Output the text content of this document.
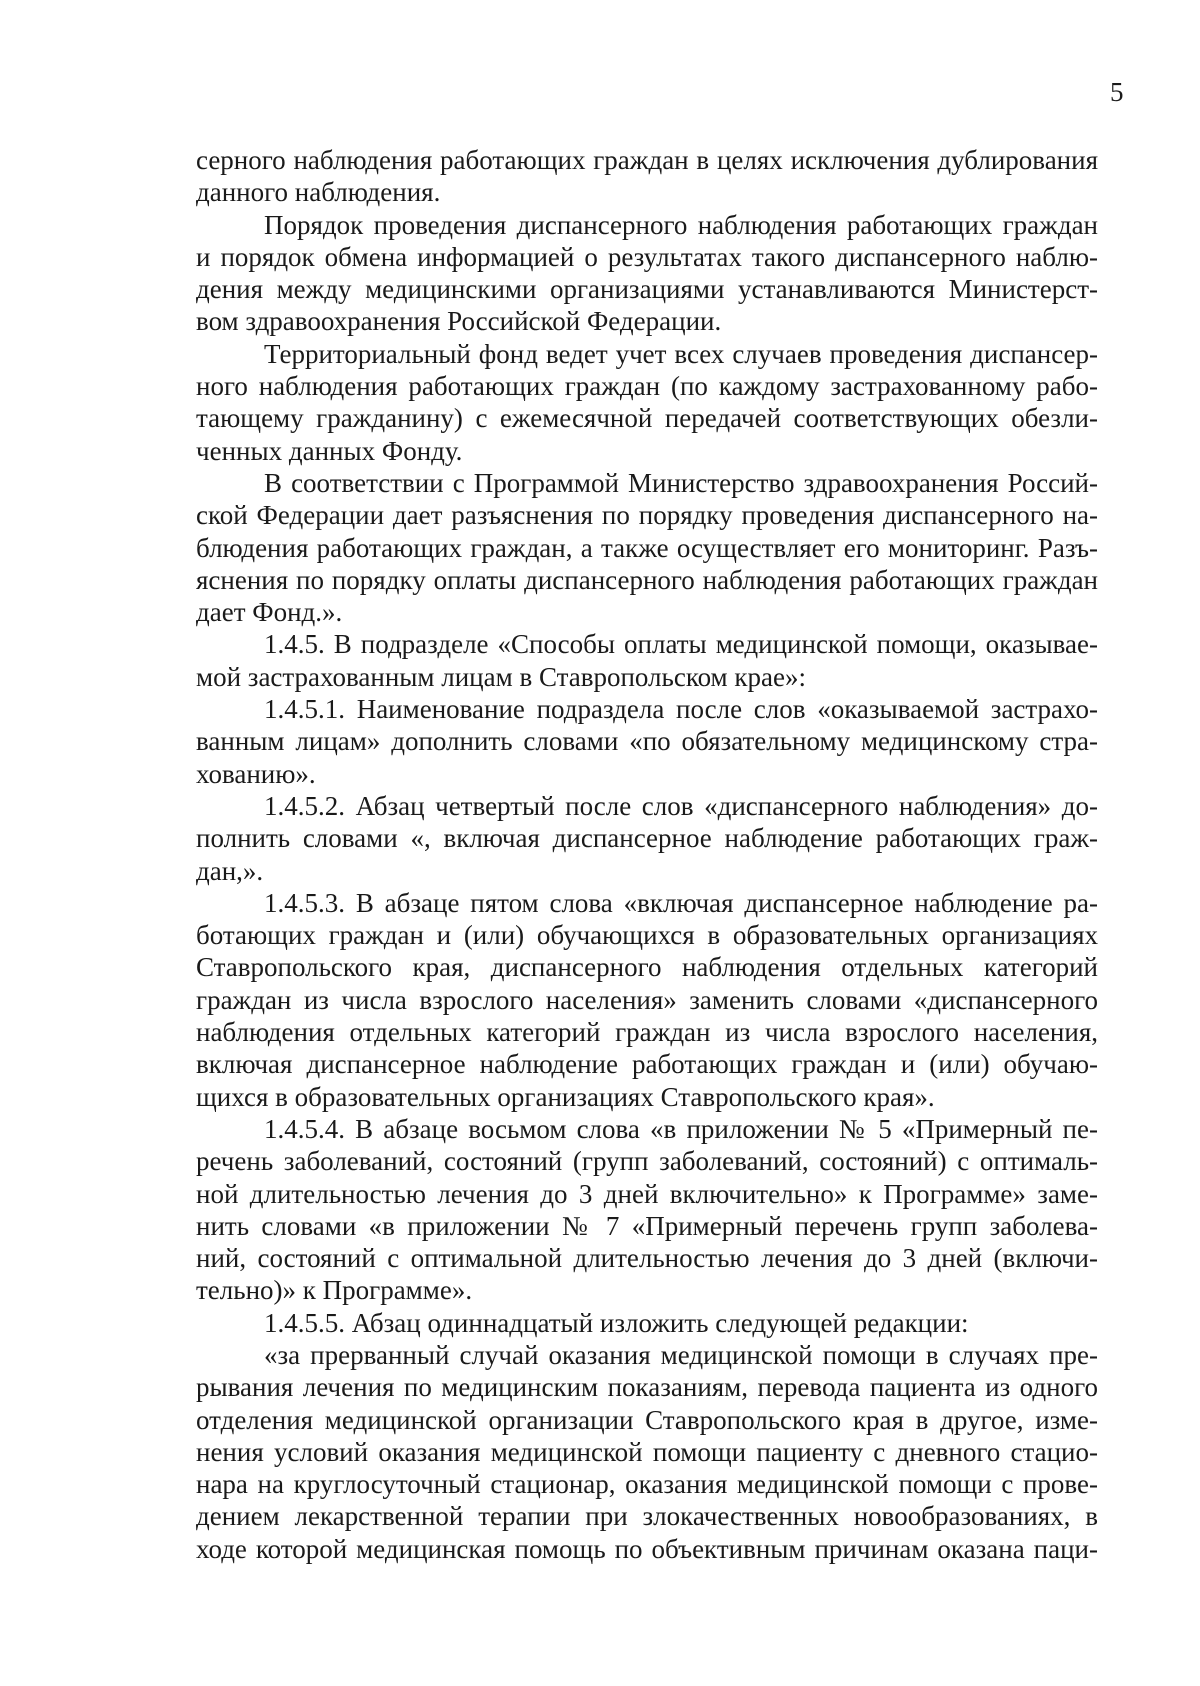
5
серного наблюдения работающих граждан в целях исключения дублирования
данного наблюдения.
Порядок проведения диспансерного наблюдения работающих граждан
и порядок обмена информацией о результатах такого диспансерного наблю-
дения между медицинскими организациями устанавливаются Министерст-
вом здравоохранения Российской Федерации.
Территориальный фонд ведет учет всех случаев проведения диспансер-
ного наблюдения работающих граждан (по каждому застрахованному рабо-
тающему гражданину) с ежемесячной передачей соответствующих обезли-
ченных данных Фонду.
В соответствии с Программой Министерство здравоохранения Россий-
ской Федерации дает разъяснения по порядку проведения диспансерного на-
блюдения работающих граждан, а также осуществляет его мониторинг. Разъ-
яснения по порядку оплаты диспансерного наблюдения работающих граждан
дает Фонд.».
1.4.5. В подразделе «Способы оплаты медицинской помощи, оказывае-
мой застрахованным лицам в Ставропольском крае»:
1.4.5.1. Наименование подраздела после слов «оказываемой застрахо-
ванным лицам» дополнить словами «по обязательному медицинскому стра-
хованию».
1.4.5.2. Абзац четвертый после слов «диспансерного наблюдения» до-
полнить словами «, включая диспансерное наблюдение работающих граж-
дан,».
1.4.5.3. В абзаце пятом слова «включая диспансерное наблюдение ра-
ботающих граждан и (или) обучающихся в образовательных организациях
Ставропольского края, диспансерного наблюдения отдельных категорий
граждан из числа взрослого населения» заменить словами «диспансерного
наблюдения отдельных категорий граждан из числа взрослого населения,
включая диспансерное наблюдение работающих граждан и (или) обучаю-
щихся в образовательных организациях Ставропольского края».
1.4.5.4. В абзаце восьмом слова «в приложении № 5 «Примерный пе-
речень заболеваний, состояний (групп заболеваний, состояний) с оптималь-
ной длительностью лечения до 3 дней включительно» к Программе» заме-
нить словами «в приложении № 7 «Примерный перечень групп заболева-
ний, состояний с оптимальной длительностью лечения до 3 дней (включи-
тельно)» к Программе».
1.4.5.5. Абзац одиннадцатый изложить следующей редакции:
«за прерванный случай оказания медицинской помощи в случаях пре-
рывания лечения по медицинским показаниям, перевода пациента из одного
отделения медицинской организации Ставропольского края в другое, изме-
нения условий оказания медицинской помощи пациенту с дневного стацио-
нара на круглосуточный стационар, оказания медицинской помощи с прове-
дением лекарственной терапии при злокачественных новообразованиях, в
ходе которой медицинская помощь по объективным причинам оказана паци-
